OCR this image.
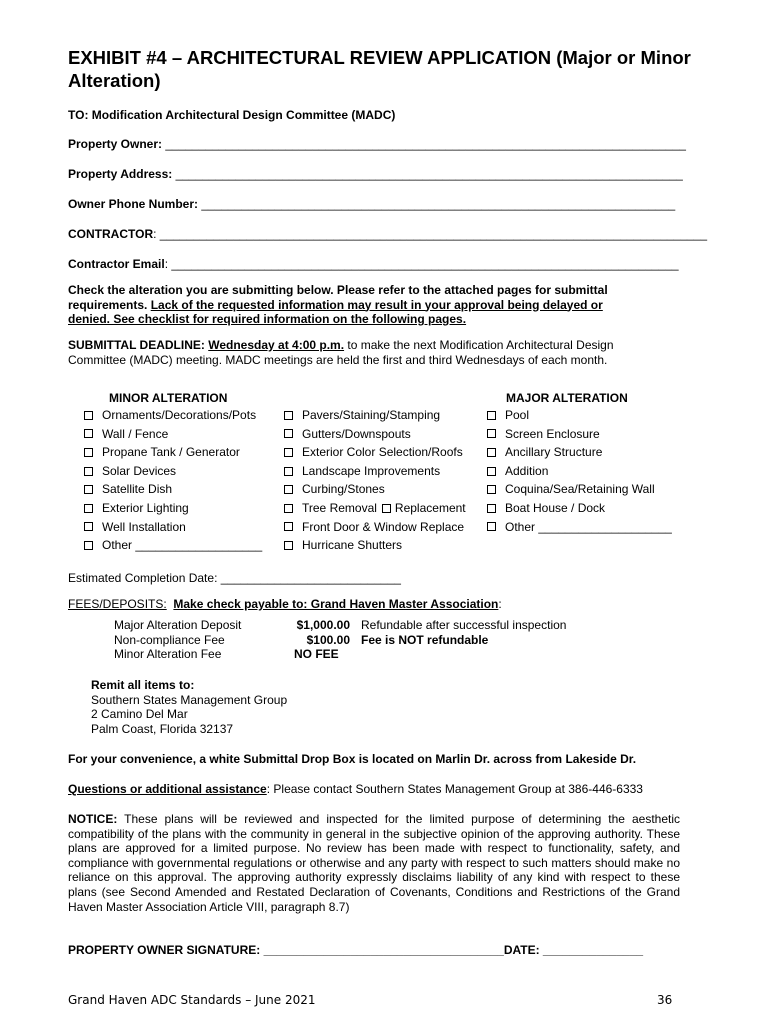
EXHIBIT #4 – ARCHITECTURAL REVIEW APPLICATION (Major or Minor Alteration)
TO: Modification Architectural Design Committee (MADC)
Property Owner: ______________________________________________________________________________
Property Address: ____________________________________________________________________________
Owner Phone Number: _______________________________________________________________________
CONTRACTOR: __________________________________________________________________________________
Contractor Email: ____________________________________________________________________________
Check the alteration you are submitting below. Please refer to the attached pages for submittal
requirements. Lack of the requested information may result in your approval being delayed or
denied. See checklist for required information on the following pages.
SUBMITTAL DEADLINE: Wednesday at 4:00 p.m. to make the next Modification Architectural Design
Committee (MADC) meeting. MADC meetings are held the first and third Wednesdays of each month.
MINOR ALTERATION	MAJOR ALTERATION
Ornaments/Decorations/Pots
Wall / Fence
Propane Tank / Generator
Solar Devices
Satellite Dish
Exterior Lighting
Well Installation
Other ___________________
Pavers/Staining/Stamping
Gutters/Downspouts
Exterior Color Selection/Roofs
Landscape Improvements
Curbing/Stones
Tree Removal Replacement
Front Door & Window Replace
Hurricane Shutters
Pool
Screen Enclosure
Ancillary Structure
Addition
Coquina/Sea/Retaining Wall
Boat House / Dock
Other ____________________
Estimated Completion Date: ___________________________
FEES/DEPOSITS: Make check payable to: Grand Haven Master Association:
Major Alteration Deposit
Non-compliance Fee
Minor Alteration Fee
$1,000.00
$100.00
NO FEE
Refundable after successful inspection
Fee is NOT refundable
Remit all items to:
Southern States Management Group
2 Camino Del Mar
Palm Coast, Florida 32137
For your convenience, a white Submittal Drop Box is located on Marlin Dr. across from Lakeside Dr.
Questions or additional assistance: Please contact Southern States Management Group at 386-446-6333
NOTICE: These plans will be reviewed and inspected for the limited purpose of determining the aesthetic compatibility of the plans with the community in general in the subjective opinion of the approving authority. These plans are approved for a limited purpose. No review has been made with respect to functionality, safety, and compliance with governmental regulations or otherwise and any party with respect to such matters should make no reliance on this approval. The approving authority expressly disclaims liability of any kind with respect to these plans (see Second Amended and Restated Declaration of Covenants, Conditions and Restrictions of the Grand Haven Master Association Article VIII, paragraph 8.7)
PROPERTY OWNER SIGNATURE: ____________________________________DATE: _______________
Grand Haven ADC Standards – June 2021	36
